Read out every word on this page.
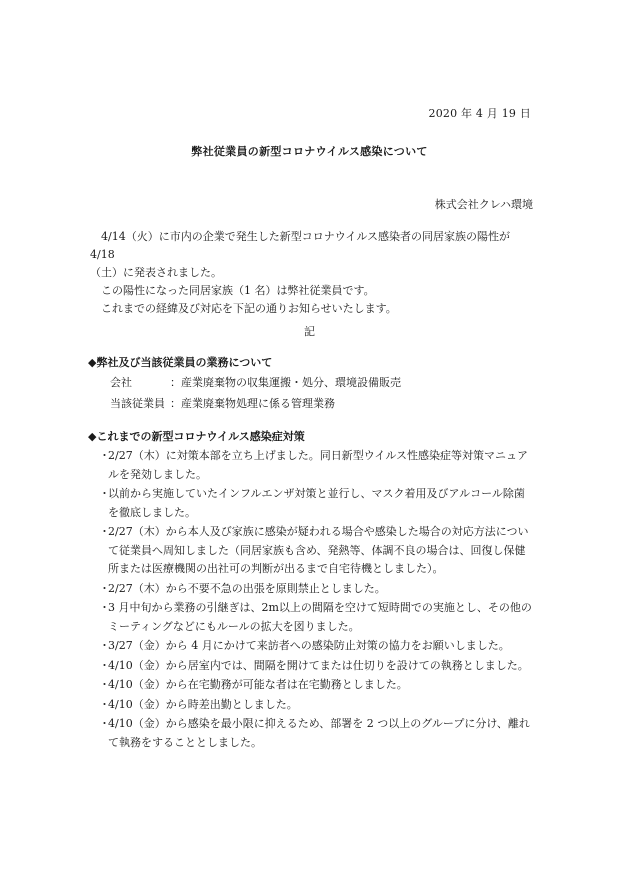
2020 年 4 月 19 日
弊社従業員の新型コロナウイルス感染について
株式会社クレハ環境

4/14（火）に市内の企業で発生した新型コロナウイルス感染者の同居家族の陽性が 4/18

（土）に発表されました。

この陽性になった同居家族（1 名）は弊社従業員です。

これまでの経緯及び対応を下記の通りお知らせいたします。

記
◆弊社及び当該従業員の業務について
会社	：産業廃棄物の収集運搬・処分、環境設備販売
当該従業員 ：産業廃棄物処理に係る管理業務
◆これまでの新型コロナウイルス感染症対策
・
2/27（木）に対策本部を立ち上げました。同日新型ウイルス性感染症等対策マニュアルを発効しました。
・
以前から実施していたインフルエンザ対策と並行し、マスク着用及びアルコール除菌を徹底しました。
・
2/27（木）から本人及び家族に感染が疑われる場合や感染した場合の対応方法について従業員へ周知しました（同居家族も含め、発熱等、体調不良の場合は、回復し保健所または医療機関の出社可の判断が出るまで自宅待機としました）。
・
2/27（木）から不要不急の出張を原則禁止としました。
・
3 月中旬から業務の引継ぎは、2m以上の間隔を空けて短時間での実施とし、その他のミーティングなどにもルールの拡大を図りました。
・
3/27（金）から 4 月にかけて来訪者への感染防止対策の協力をお願いしました。
・
4/10（金）から居室内では、間隔を開けてまたは仕切りを設けての執務としました。
・
4/10（金）から在宅勤務が可能な者は在宅勤務としました。
・
4/10（金）から時差出勤としました。
・
4/10（金）から感染を最小限に抑えるため、部署を 2 つ以上のグループに分け、離れて執務をすることとしました。
